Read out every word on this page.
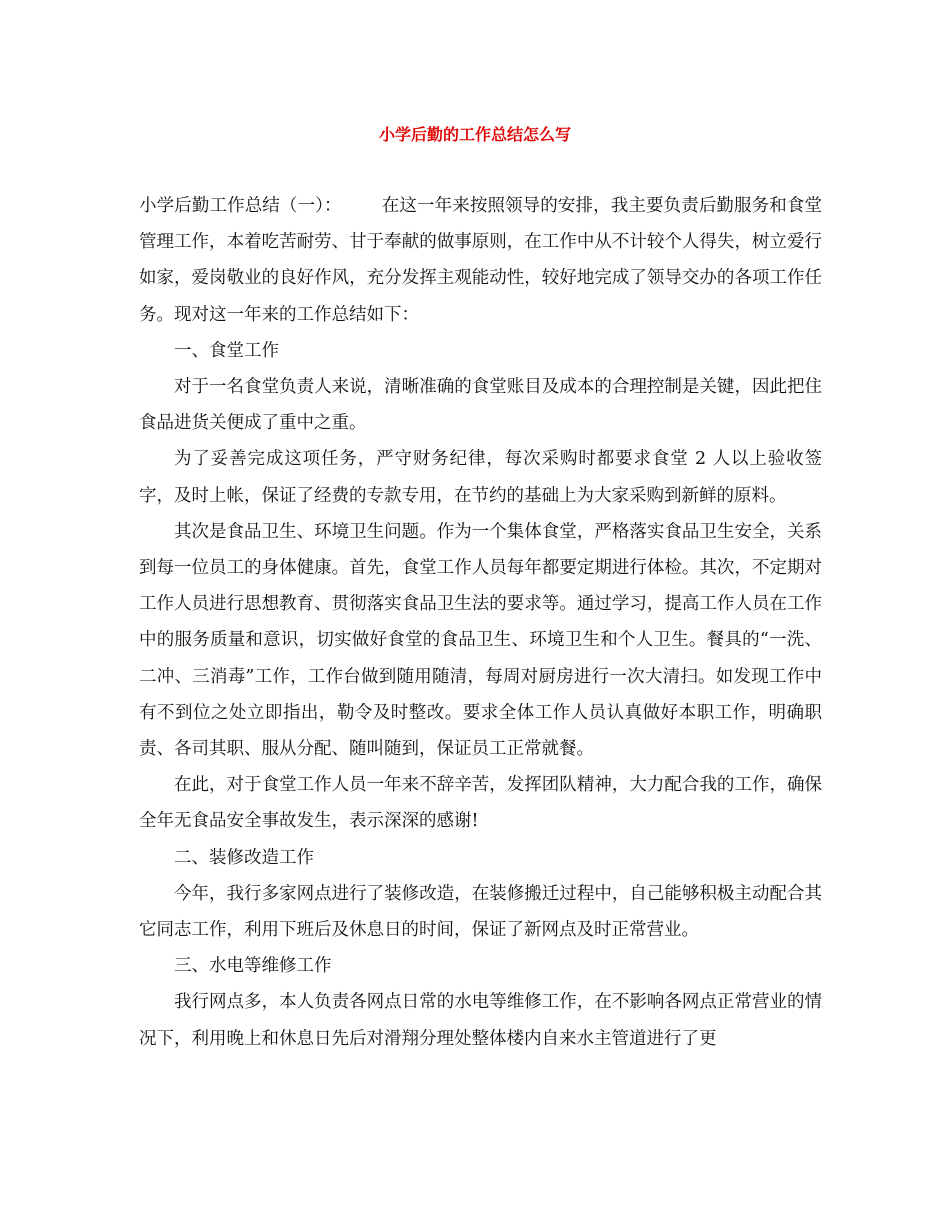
小学后勤的工作总结怎么写

小学后勤工作总结（一）： 在这一年来按照领导的安排，我主要负责后勤服务和食堂管理工作，本着吃苦耐劳、甘于奉献的做事原则，在工作中从不计较个人得失，树立爱行如家，爱岗敬业的良好作风，充分发挥主观能动性，较好地完成了领导交办的各项工作任务。现对这一年来的工作总结如下：

一、食堂工作

对于一名食堂负责人来说，清晰准确的食堂账目及成本的合理控制是关键，因此把住食品进货关便成了重中之重。

为了妥善完成这项任务，严守财务纪律，每次采购时都要求食堂 2 人以上验收签字，及时上帐，保证了经费的专款专用，在节约的基础上为大家采购到新鲜的原料。

其次是食品卫生、环境卫生问题。作为一个集体食堂，严格落实食品卫生安全，关系到每一位员工的身体健康。首先，食堂工作人员每年都要定期进行体检。其次，不定期对工作人员进行思想教育、贯彻落实食品卫生法的要求等。通过学习，提高工作人员在工作中的服务质量和意识，切实做好食堂的食品卫生、环境卫生和个人卫生。餐具的“一洗、二冲、三消毒”工作，工作台做到随用随清，每周对厨房进行一次大清扫。如发现工作中有不到位之处立即指出，勒令及时整改。要求全体工作人员认真做好本职工作，明确职责、各司其职、服从分配、随叫随到，保证员工正常就餐。

在此，对于食堂工作人员一年来不辞辛苦，发挥团队精神，大力配合我的工作，确保全年无食品安全事故发生，表示深深的感谢!

二、装修改造工作

今年，我行多家网点进行了装修改造，在装修搬迁过程中，自己能够积极主动配合其它同志工作，利用下班后及休息日的时间，保证了新网点及时正常营业。

三、水电等维修工作

我行网点多，本人负责各网点日常的水电等维修工作，在不影响各网点正常营业的情况下，利用晚上和休息日先后对滑翔分理处整体楼内自来水主管道进行了更
